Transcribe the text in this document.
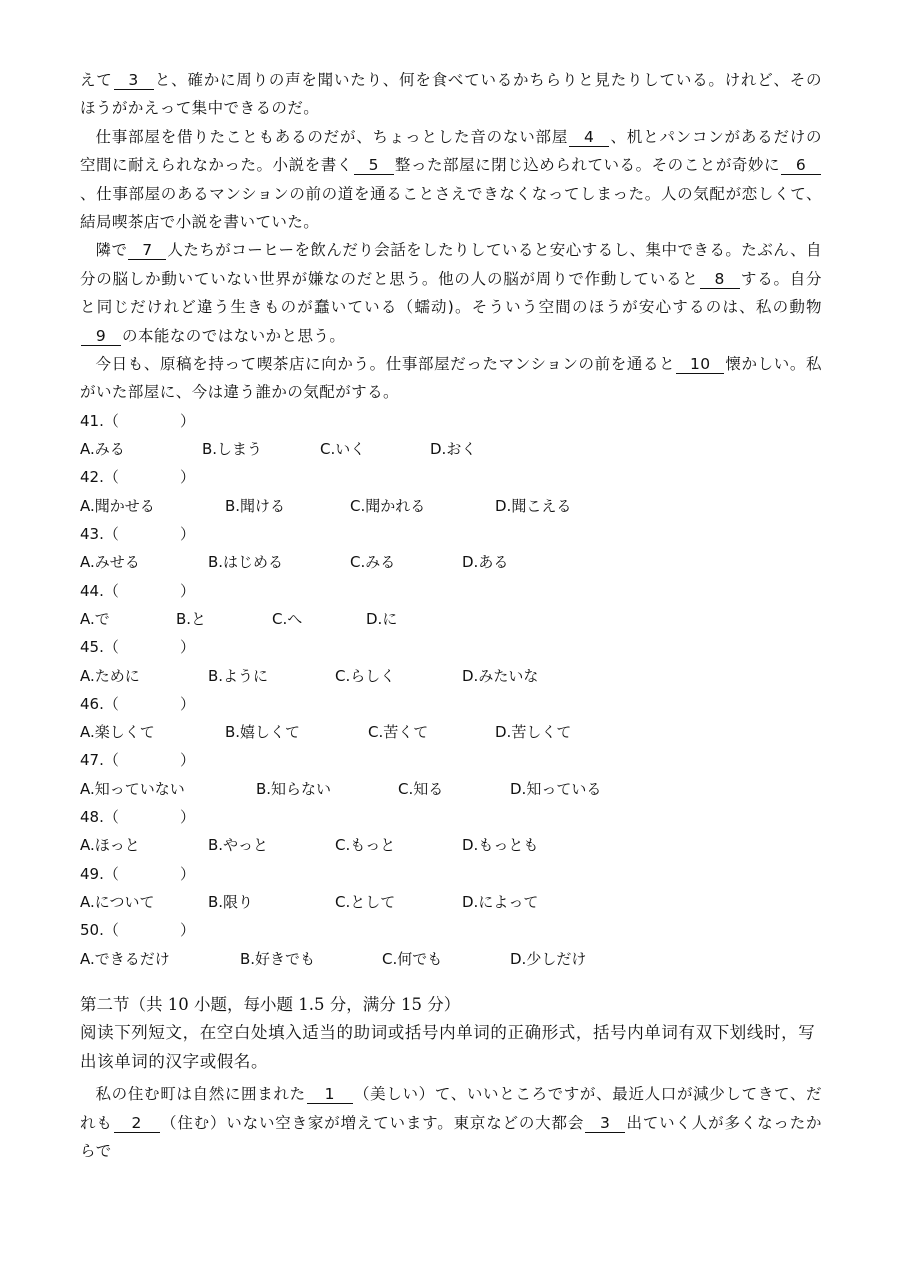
えて 3 と、確かに周りの声を聞いたり、何を食べているかちらりと見たりしている。けれど、そのほうがかえって集中できるのだ。

仕事部屋を借りたこともあるのだが、ちょっとした音のない部屋 4 、机とパンコンがあるだけの空間に耐えられなかった。小説を書く 5 整った部屋に閉じ込められている。そのことが奇妙に 6、仕事部屋のあるマンションの前の道を通ることさえできなくなってしまった。人の気配が恋しくて、結局喫茶店で小説を書いていた。

隣で 7 人たちがコーヒーを飲んだり会話をしたりしていると安心するし、集中できる。たぶん、自分の脳しか動いていない世界が嫌なのだと思う。他の人の脳が周りで作動していると 8 する。自分と同じだけれど違う生きものが蠢いている（蠕动)。そういう空間のほうが安心するのは、私の動物9 の本能なのではないかと思う。

今日も、原稿を持って喫茶店に向かう。仕事部屋だったマンションの前を通ると 10 懐かしい。私がいた部屋に、今は違う誰かの気配がする。

41.（	）
A.みる	B.しまう	C.いく	D.おく
42.（	）
A.聞かせる	B.聞ける	C.聞かれる	D.聞こえる
43.（	）
A.みせる	B.はじめる	C.みる	D.ある
44.（	）
A.で	B.と	C.へ	D.に
45.（	）
A.ために	B.ように	C.らしく	D.みたいな
46.（	）
A.楽しくて	B.嬉しくて	C.苦くて	D.苦しくて
47.（	）
A.知っていない	B.知らない	C.知る	D.知っている
48.（	）
A.ほっと	B.やっと	C.もっと	D.もっとも
49.（	）
A.について	B.限り	C.として	D.によって
50.（	）
A.できるだけ	B.好きでも	C.何でも	D.少しだけ
第二节（共 10 小题，每小题 1.5 分，满分 15 分）

阅读下列短文，在空白处填入适当的助词或括号内单词的正确形式，括号内单词有双下划线时，写出该单词的汉字或假名。

私の住む町は自然に囲まれた 1 （美しい）て、いいところですが、最近人口が減少してきて、だれも 2 （住む）いない空き家が増えています。東京などの大都会 3 出ていく人が多くなったからで
